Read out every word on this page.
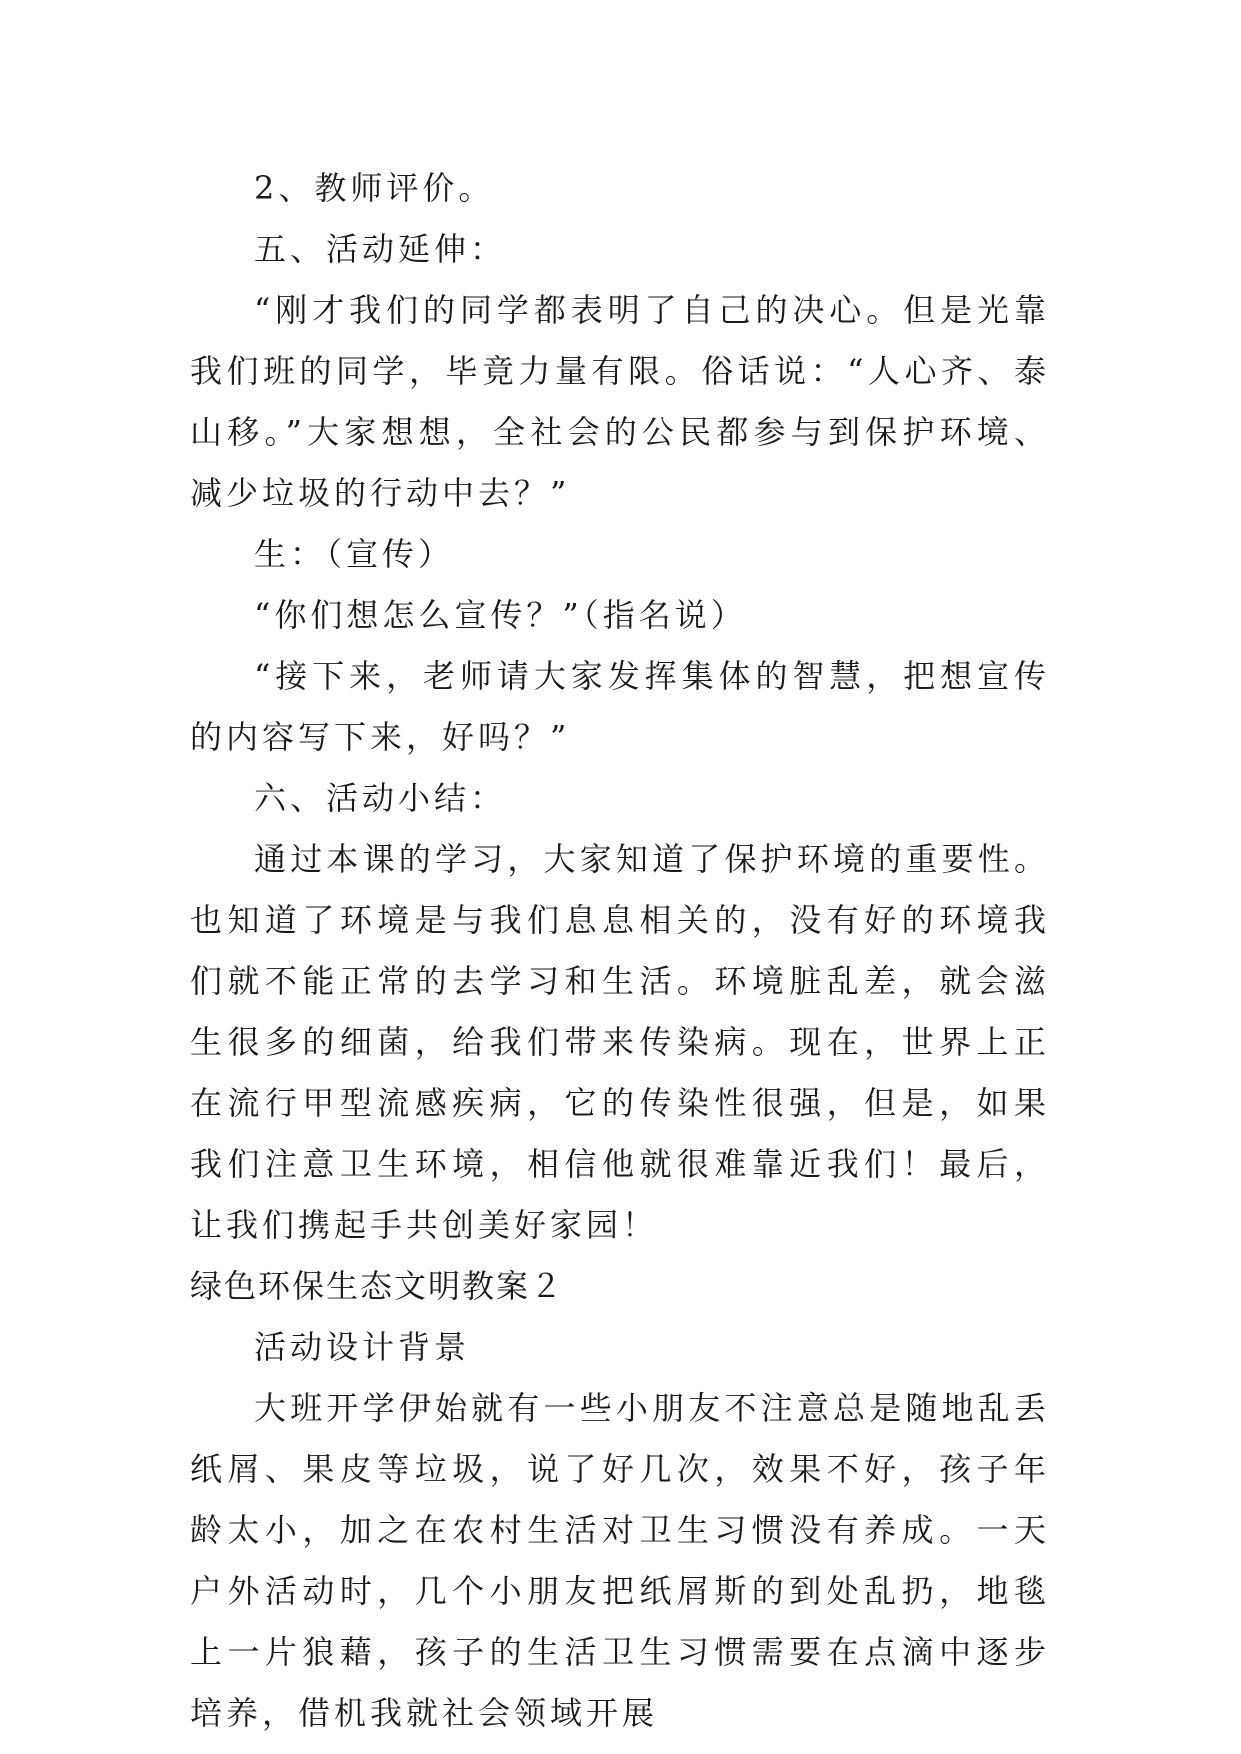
2、教师评价。

五、活动延伸：

“刚才我们的同学都表明了自己的决心。但是光靠我们班的同学，毕竟力量有限。俗话说：“人心齐、泰山移。”大家想想，全社会的公民都参与到保护环境、减少垃圾的行动中去？”

生：（宣传）

“你们想怎么宣传？”（指名说）

“接下来，老师请大家发挥集体的智慧，把想宣传的内容写下来，好吗？”

六、活动小结：

通过本课的学习，大家知道了保护环境的重要性。也知道了环境是与我们息息相关的，没有好的环境我们就不能正常的去学习和生活。环境脏乱差，就会滋生很多的细菌，给我们带来传染病。现在，世界上正在流行甲型流感疾病，它的传染性很强，但是，如果我们注意卫生环境，相信他就很难靠近我们！最后，让我们携起手共创美好家园！

绿色环保生态文明教案２

活动设计背景

大班开学伊始就有一些小朋友不注意总是随地乱丢纸屑、果皮等垃圾，说了好几次，效果不好，孩子年龄太小，加之在农村生活对卫生习惯没有养成。一天户外活动时，几个小朋友把纸屑斯的到处乱扔，地毯上一片狼藉，孩子的生活卫生习惯需要在点滴中逐步培养，借机我就社会领域开展
